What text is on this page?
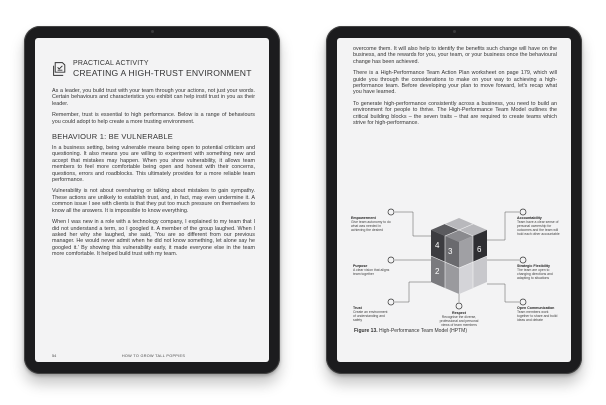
PRACTICAL ACTIVITY
CREATING A HIGH-TRUST ENVIRONMENT

As a leader, you build trust with your team through your actions, not just your words. Certain behaviours and characteristics you exhibit can help instil trust in you as their leader.

Remember, trust is essential to high performance. Below is a range of behaviours you could adopt to help create a more trusting environment.

BEHAVIOUR 1: BE VULNERABLE

In a business setting, being vulnerable means being open to potential criticism and questioning. It also means you are willing to experiment with something new and accept that mistakes may happen. When you show vulnerability, it allows team members to feel more comfortable being open and honest with their concerns, questions, errors and roadblocks. This ultimately provides for a more reliable team performance.

Vulnerability is not about oversharing or talking about mistakes to gain sympathy. These actions are unlikely to establish trust, and, in fact, may even undermine it. A common issue I see with clients is that they put too much pressure on themselves to know all the answers. It is impossible to know everything.

When I was new in a role with a technology company, I explained to my team that I did not understand a term, so I googled it. A member of the group laughed. When I asked her why she laughed, she said, 'You are so different from our previous manager. He would never admit when he did not know something, let alone say he googled it.' By showing this vulnerability early, it made everyone else in the team more comfortable. It helped build trust with my team.

54	HOW TO GROW TALL POPPIES

overcome them. It will also help to identify the benefits such change will have on the business, and the rewards for you, your team, or your business once the behavioural change has been achieved.

There is a High-Performance Team Action Plan worksheet on page 179, which will guide you through the considerations to make on your way to achieving a high-performance team. Before developing your plan to move forward, let's recap what you have learned.

To generate high-performance consistently across a business, you need to build an environment for people to thrive. The High-Performance Team Model outlines the critical building blocks – the seven traits – that are required to create teams which strive for high-performance.

3
4	6
2
Empowerment
Give team autonomy to do what was needed in achieving the desired
Purpose
A clear vision that aligns team together
Trust
Create an environment of understanding and safety
Respect
Recognise the diverse, professional and personal views of team members
Accountability
Team have a clear sense of personal ownership for outcomes and the team will hold each other accountable
Strategic Flexibility
The team are open to changing directions and adapting to situations
Open Communication
Team members work together to share and build ideas and debate
Figure 13. High-Performance Team Model (HPTM)
